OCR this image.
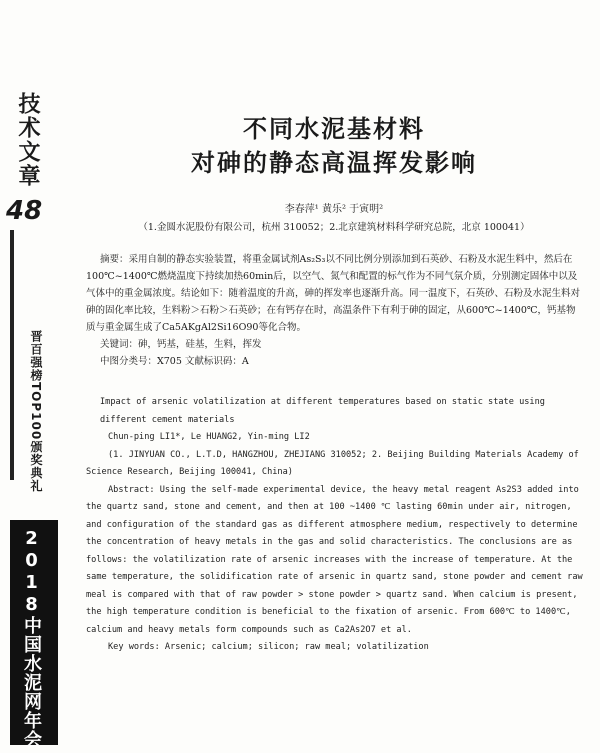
技术文章
48
晋百强榜TOP100颁奖典礼
2018中国水泥网年会
不同水泥基材料
对砷的静态高温挥发影响
李春萍¹ 黄乐² 于寅明²
（1.金圆水泥股份有限公司，杭州 310052；2.北京建筑材料科学研究总院，北京 100041）
摘要：采用自制的静态实验装置，将重金属试剂As₂S₃以不同比例分别添加到石英砂、石粉及水泥生料中，然后在100℃~1400℃燃烧温度下持续加热60min后，以空气、氮气和配置的标气作为不同气氛介质，分别测定固体中以及气体中的重金属浓度。结论如下：随着温度的升高，砷的挥发率也逐渐升高。同一温度下，石英砂、石粉及水泥生料对砷的固化率比较，生料粉＞石粉＞石英砂；在有钙存在时，高温条件下有利于砷的固定，从600℃~1400℃，钙基物质与重金属生成了Ca5AKgAl2Si16O90等化合物。
关键词：砷，钙基，硅基，生料，挥发
中图分类号：X705 文献标识码：A
Impact of arsenic volatilization at different temperatures based on static state using different cement materials
Chun-ping LI1*, Le HUANG2, Yin-ming LI2
(1. JINYUAN CO., L.T.D, HANGZHOU, ZHEJIANG 310052; 2. Beijing Building Materials Academy of Science Research, Beijing 100041, China)
Abstract: Using the self-made experimental device, the heavy metal reagent As2S3 added into the quartz sand, stone and cement, and then at 100 ~1400 ℃ lasting 60min under air, nitrogen, and configuration of the standard gas as different atmosphere medium, respectively to determine the concentration of heavy metals in the gas and solid characteristics. The conclusions are as follows: the volatilization rate of arsenic increases with the increase of temperature. At the same temperature, the solidification rate of arsenic in quartz sand, stone powder and cement raw meal is compared with that of raw powder > stone powder > quartz sand. When calcium is present, the high temperature condition is beneficial to the fixation of arsenic. From 600℃ to 1400℃, calcium and heavy metals form compounds such as Ca2As2O7 et al.
Key words: Arsenic; calcium; silicon; raw meal; volatilization
